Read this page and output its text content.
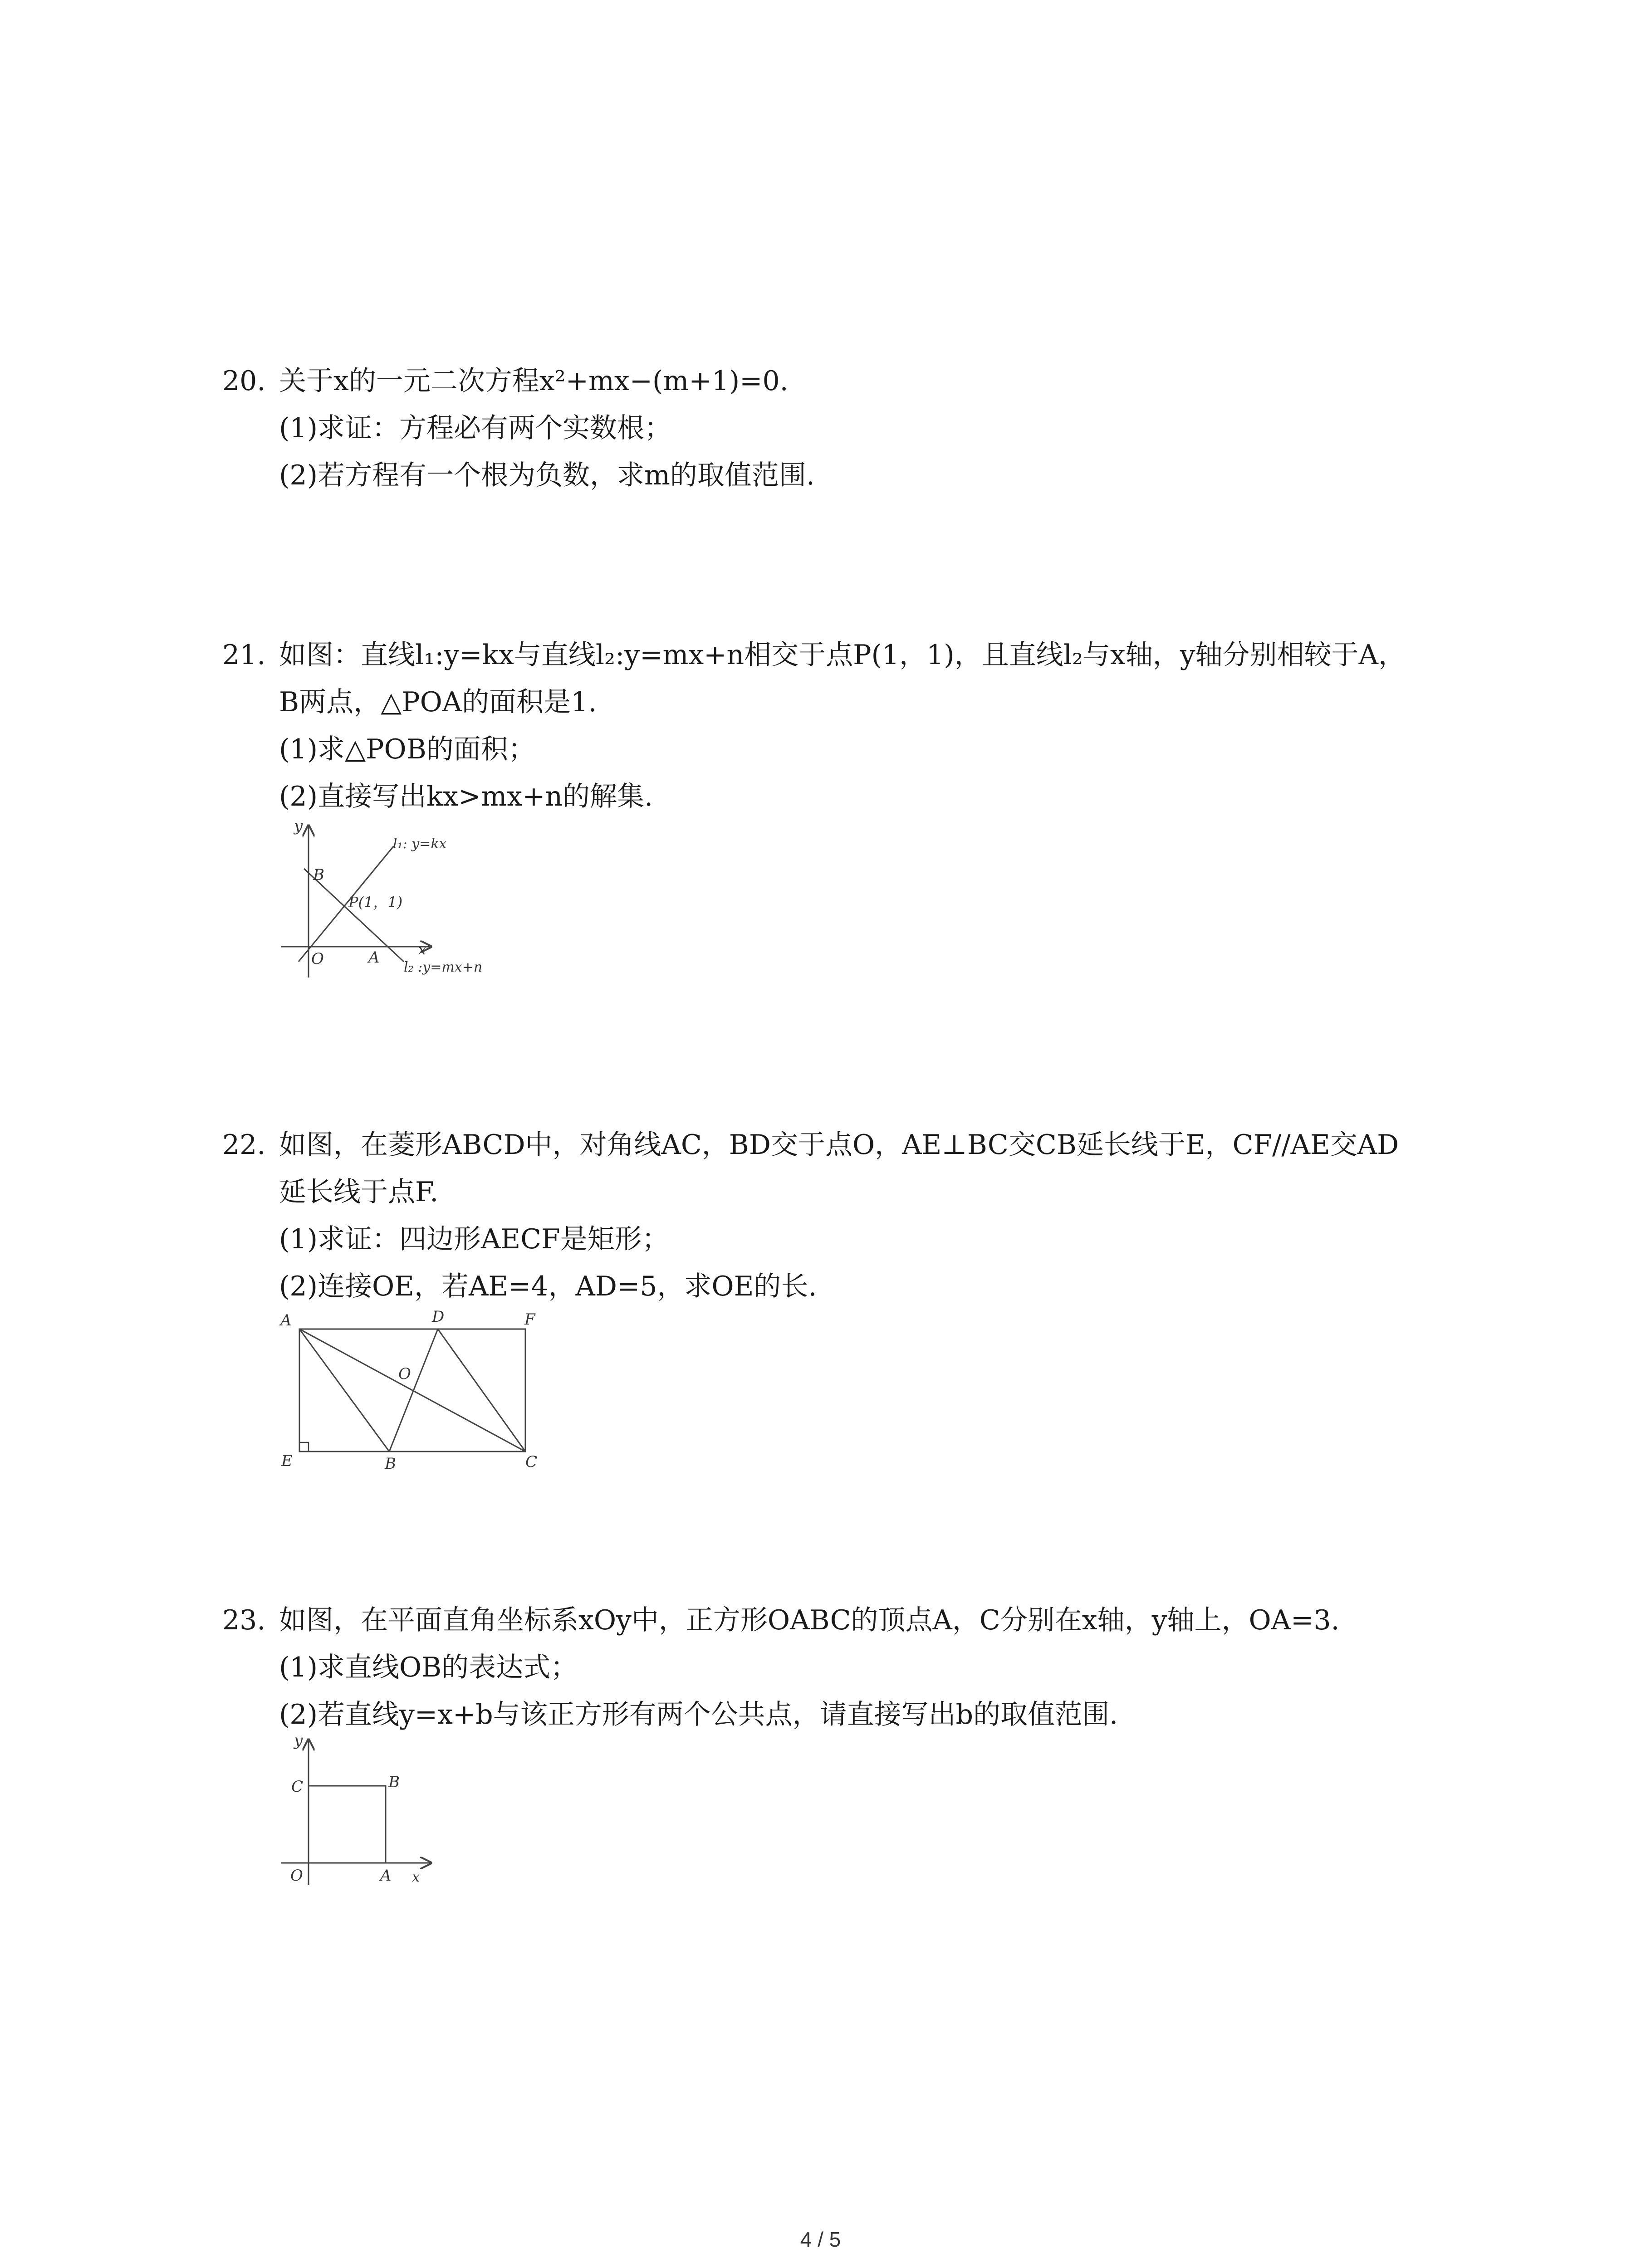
20. 关于x的一元二次方程x²+mx−(m+1)=0.
(1)求证：方程必有两个实数根；
(2)若方程有一个根为负数，求m的取值范围.
21. 如图：直线l₁:y=kx与直线l₂:y=mx+n相交于点P(1，1)，且直线l₂与x轴，y轴分别相较于A，
B两点，△POA的面积是1.
(1)求△POB的面积；
(2)直接写出kx>mx+n的解集.
y
B
P(1，1)
l₁: y=kx
O	A	x
l₂ :y=mx+n
22. 如图，在菱形ABCD中，对角线AC，BD交于点O，AE⊥BC交CB延长线于E，CF//AE交AD
延长线于点F.
(1)求证：四边形AECF是矩形；
(2)连接OE，若AE=4，AD=5，求OE的长.
A	D	F
O
E	B	C
23. 如图，在平面直角坐标系xOy中，正方形OABC的顶点A，C分别在x轴，y轴上，OA=3.
(1)求直线OB的表达式；
(2)若直线y=x+b与该正方形有两个公共点，请直接写出b的取值范围.
y
C	B
O	A x
4 / 5
